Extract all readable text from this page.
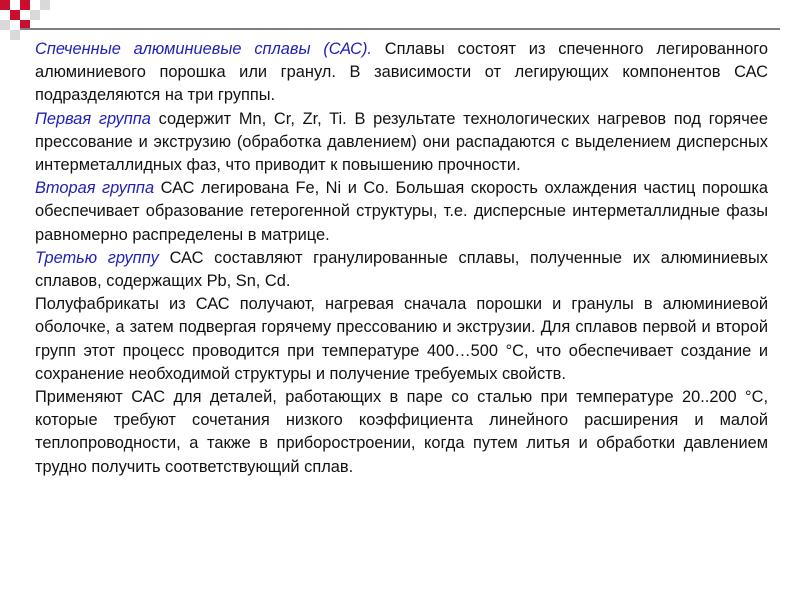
Спеченные алюминиевые сплавы (САС). Сплавы состоят из спеченного легированного алюминиевого порошка или гранул. В зависимости от легирующих компонентов САС подразделяются на три группы.

Первая группа содержит Mn, Cr, Zr, Ti. В результате технологических нагревов под горячее прессование и экструзию (обработка давлением) они распадаются с выделением дисперсных интерметаллидных фаз, что приводит к повышению прочности.

Вторая группа САС легирована Fe, Ni и Co. Большая скорость охлаждения частиц порошка обеспечивает образование гетерогенной структуры, т.е. дисперсные интерметаллидные фазы равномерно распределены в матрице.

Третью группу САС составляют гранулированные сплавы, полученные их алюминиевых сплавов, содержащих Pb, Sn, Cd.

Полуфабрикаты из САС получают, нагревая сначала порошки и гранулы в алюминиевой оболочке, а затем подвергая горячему прессованию и экструзии. Для сплавов первой и второй групп этот процесс проводится при температуре 400…500 °С, что обеспечивает создание и сохранение необходимой структуры и получение требуемых свойств.

Применяют САС для деталей, работающих в паре со сталью при температуре 20..200 °С, которые требуют сочетания низкого коэффициента линейного расширения и малой теплопроводности, а также в приборостроении, когда путем литья и обработки давлением трудно получить соответствующий сплав.
